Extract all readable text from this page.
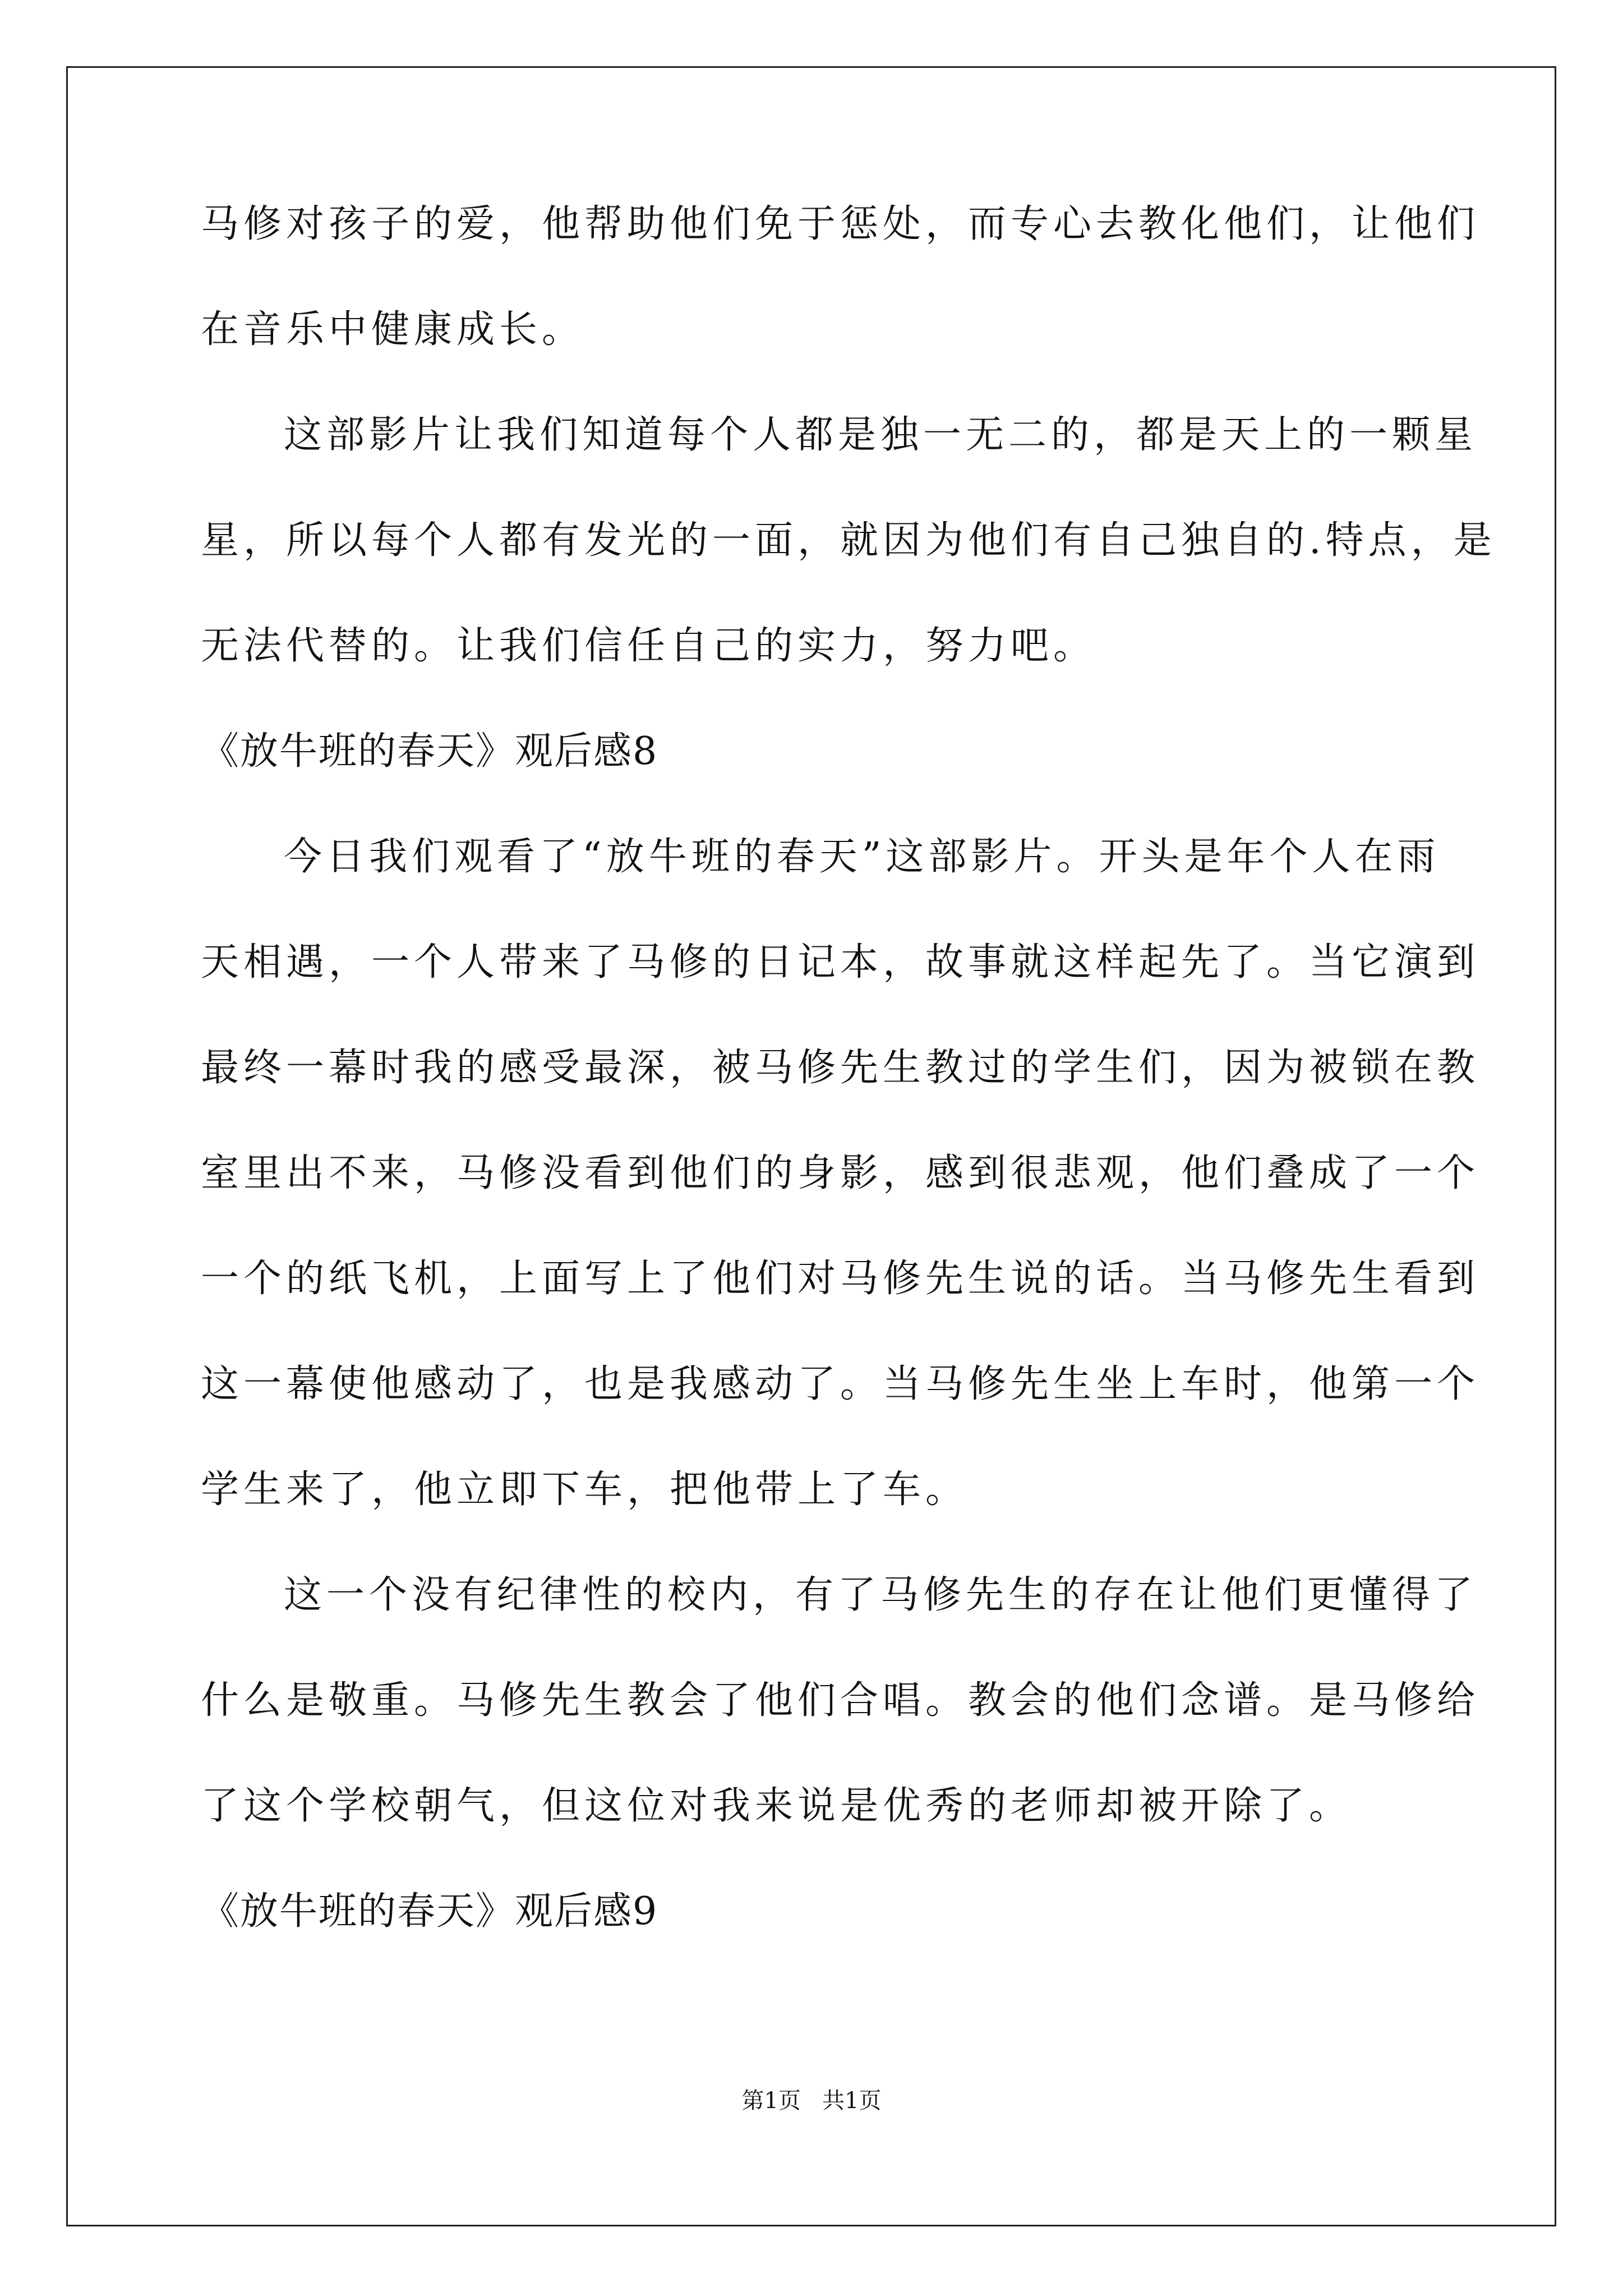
马修对孩子的爱，他帮助他们免于惩处，而专心去教化他们，让他们
在音乐中健康成长。
这部影片让我们知道每个人都是独一无二的，都是天上的一颗星
星，所以每个人都有发光的一面，就因为他们有自己独自的.特点，是
无法代替的。让我们信任自己的实力，努力吧。
《放牛班的春天》观后感8
今日我们观看了“放牛班的春天”这部影片。开头是年个人在雨
天相遇，一个人带来了马修的日记本，故事就这样起先了。当它演到
最终一幕时我的感受最深，被马修先生教过的学生们，因为被锁在教
室里出不来，马修没看到他们的身影，感到很悲观，他们叠成了一个
一个的纸飞机，上面写上了他们对马修先生说的话。当马修先生看到
这一幕使他感动了，也是我感动了。当马修先生坐上车时，他第一个
学生来了，他立即下车，把他带上了车。
这一个没有纪律性的校内，有了马修先生的存在让他们更懂得了
什么是敬重。马修先生教会了他们合唱。教会的他们念谱。是马修给
了这个学校朝气，但这位对我来说是优秀的老师却被开除了。
《放牛班的春天》观后感9
第1页   共1页
